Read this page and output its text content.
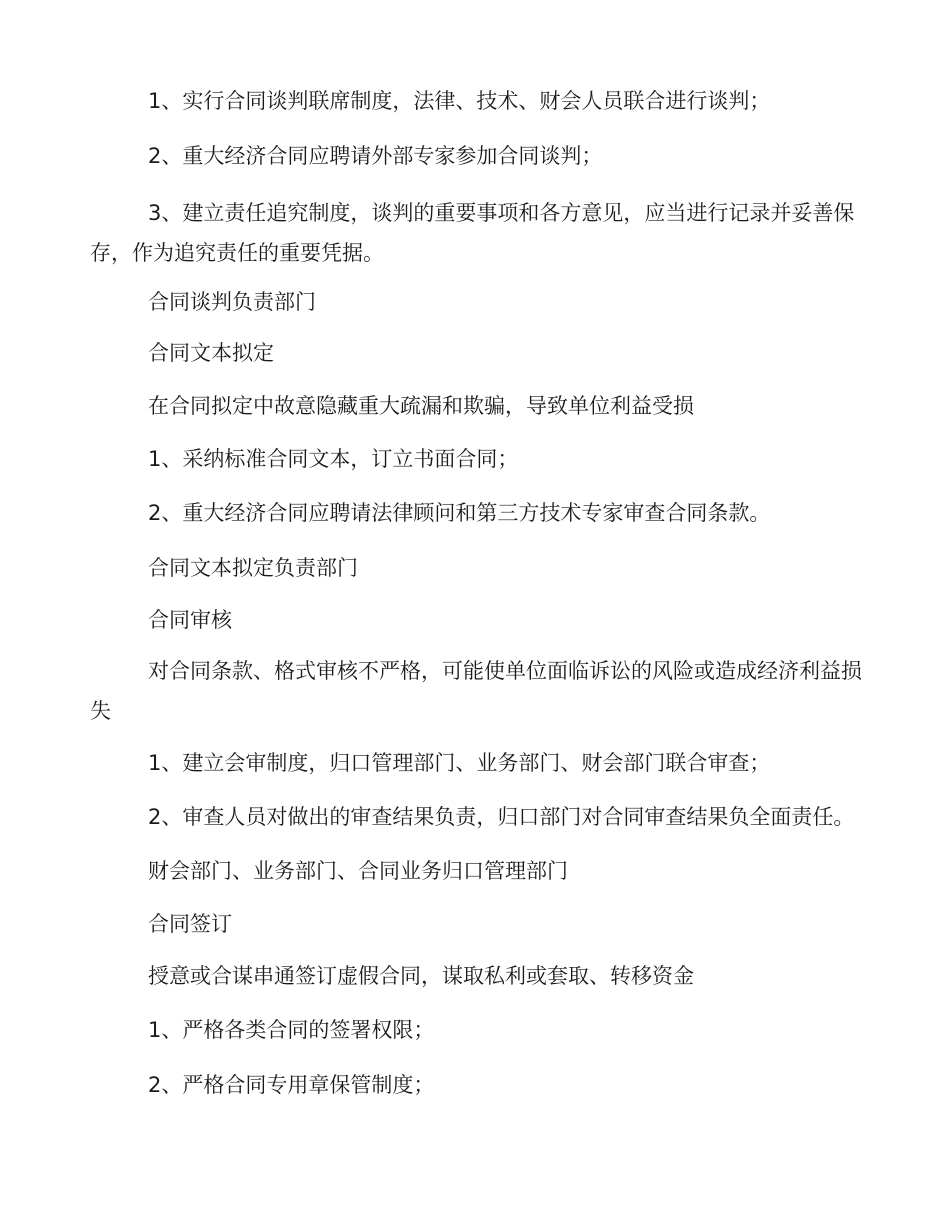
1、实行合同谈判联席制度，法律、技术、财会人员联合进行谈判；

2、重大经济合同应聘请外部专家参加合同谈判；

3、建立责任追究制度，谈判的重要事项和各方意见，应当进行记录并妥善保存，作为追究责任的重要凭据。

合同谈判负责部门

合同文本拟定

在合同拟定中故意隐藏重大疏漏和欺骗，导致单位利益受损

1、采纳标准合同文本，订立书面合同；

2、重大经济合同应聘请法律顾问和第三方技术专家审查合同条款。

合同文本拟定负责部门

合同审核

对合同条款、格式审核不严格，可能使单位面临诉讼的风险或造成经济利益损失

1、建立会审制度，归口管理部门、业务部门、财会部门联合审查；

2、审查人员对做出的审查结果负责，归口部门对合同审查结果负全面责任。

财会部门、业务部门、合同业务归口管理部门

合同签订

授意或合谋串通签订虚假合同，谋取私利或套取、转移资金

1、严格各类合同的签署权限；

2、严格合同专用章保管制度；
